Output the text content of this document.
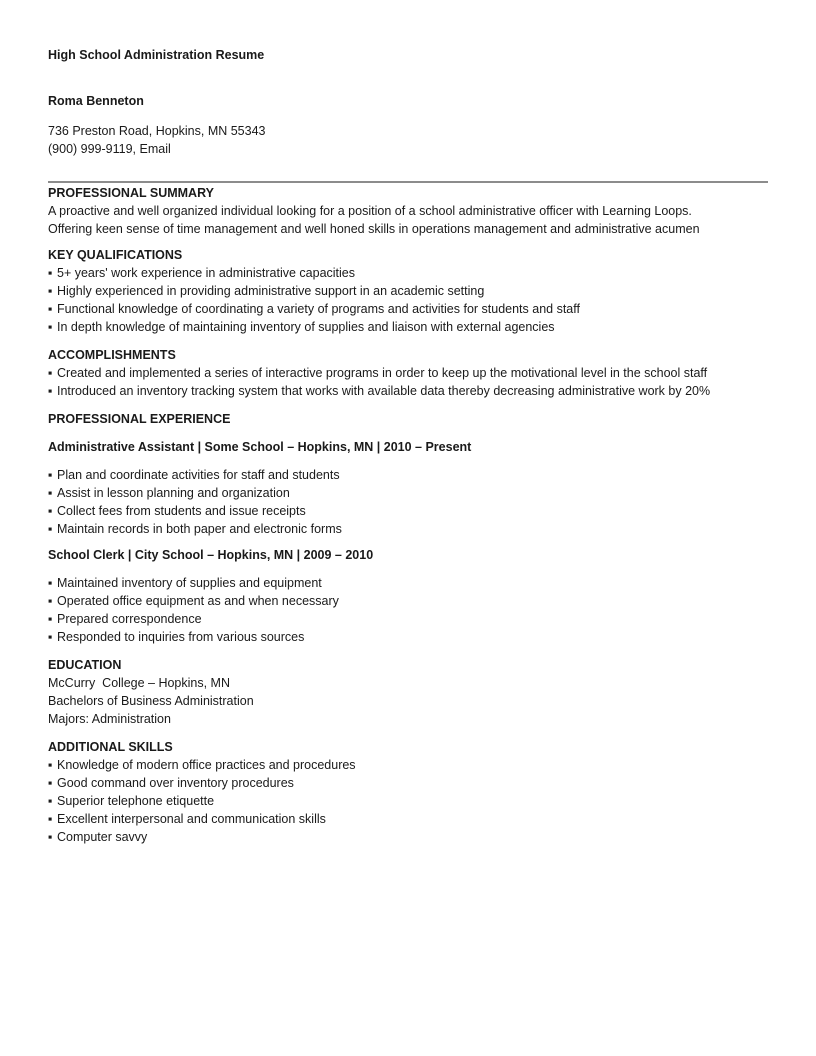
High School Administration Resume
Roma Benneton
736 Preston Road, Hopkins, MN 55343
(900) 999-9119, Email
PROFESSIONAL SUMMARY
A proactive and well organized individual looking for a position of a school administrative officer with Learning Loops.
Offering keen sense of time management and well honed skills in operations management and administrative acumen
KEY QUALIFICATIONS
▪ 5+ years' work experience in administrative capacities
▪ Highly experienced in providing administrative support in an academic setting
▪ Functional knowledge of coordinating a variety of programs and activities for students and staff
▪ In depth knowledge of maintaining inventory of supplies and liaison with external agencies
ACCOMPLISHMENTS
▪ Created and implemented a series of interactive programs in order to keep up the motivational level in the school staff
▪ Introduced an inventory tracking system that works with available data thereby decreasing administrative work by 20%
PROFESSIONAL EXPERIENCE
Administrative Assistant | Some School – Hopkins, MN | 2010 – Present
▪ Plan and coordinate activities for staff and students
▪ Assist in lesson planning and organization
▪ Collect fees from students and issue receipts
▪ Maintain records in both paper and electronic forms
School Clerk | City School – Hopkins, MN | 2009 – 2010
▪ Maintained inventory of supplies and equipment
▪ Operated office equipment as and when necessary
▪ Prepared correspondence
▪ Responded to inquiries from various sources
EDUCATION
McCurry  College – Hopkins, MN
Bachelors of Business Administration
Majors: Administration
ADDITIONAL SKILLS
▪ Knowledge of modern office practices and procedures
▪ Good command over inventory procedures
▪ Superior telephone etiquette
▪ Excellent interpersonal and communication skills
▪ Computer savvy
